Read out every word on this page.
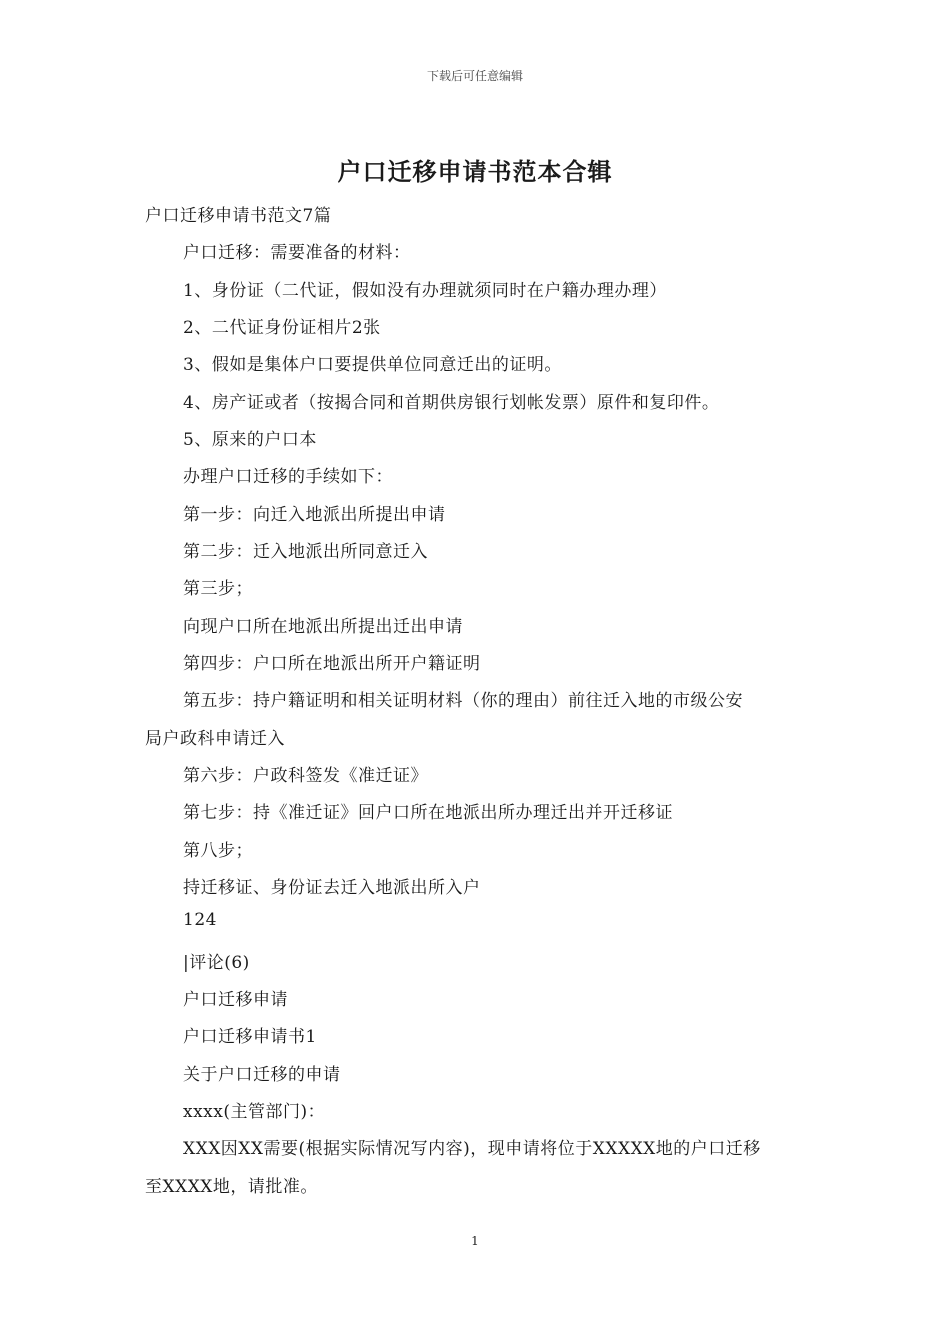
下载后可任意编辑
户口迁移申请书范本合辑
户口迁移申请书范文7篇
户口迁移：需要准备的材料：
1、身份证（二代证，假如没有办理就须同时在户籍办理办理）
2、二代证身份证相片2张
3、假如是集体户口要提供单位同意迁出的证明。
4、房产证或者（按揭合同和首期供房银行划帐发票）原件和复印件。
5、原来的户口本
办理户口迁移的手续如下：
第一步：向迁入地派出所提出申请
第二步：迁入地派出所同意迁入
第三步；
向现户口所在地派出所提出迁出申请
第四步：户口所在地派出所开户籍证明
第五步：持户籍证明和相关证明材料（你的理由）前往迁入地的市级公安
局户政科申请迁入
第六步：户政科签发《准迁证》
第七步：持《准迁证》回户口所在地派出所办理迁出并开迁移证
第八步；
持迁移证、身份证去迁入地派出所入户
124
|评论(6)
户口迁移申请
户口迁移申请书1
关于户口迁移的申请
xxxx(主管部门)：
XXX因XX需要(根据实际情况写内容)，现申请将位于XXXXX地的户口迁移
至XXXX地，请批准。
1
